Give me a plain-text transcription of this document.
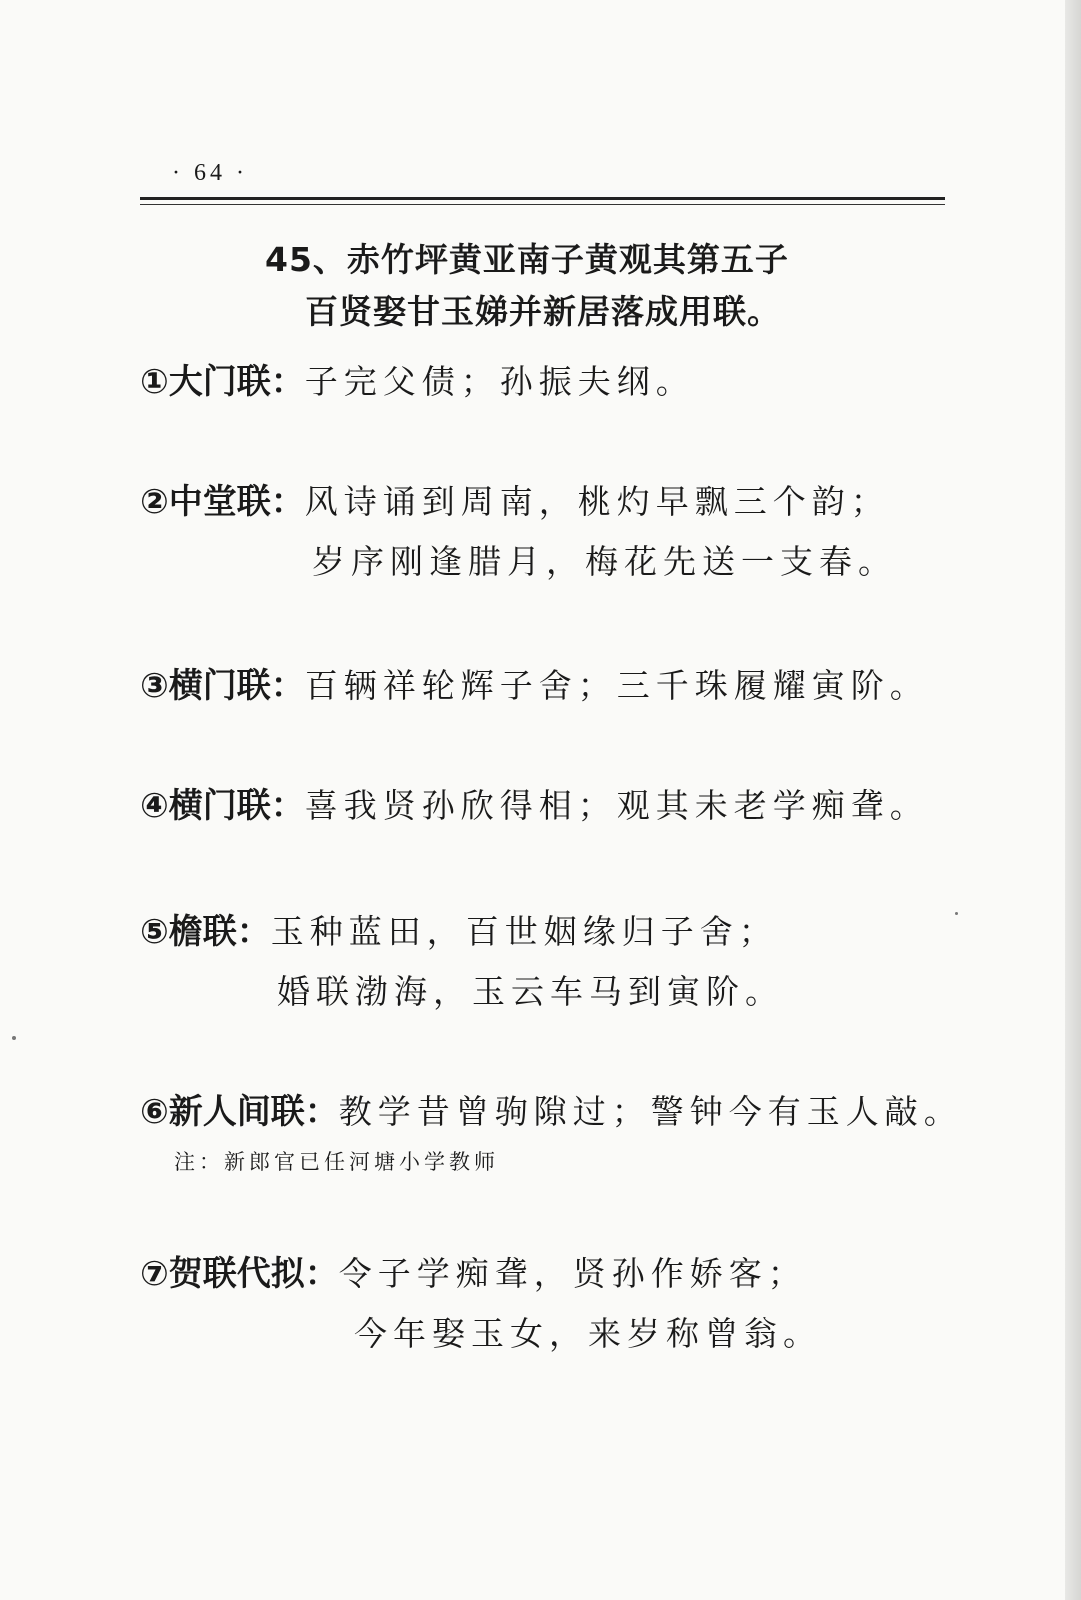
· 64 ·
45、赤竹坪黄亚南子黄观其第五子
百贤娶甘玉娣并新居落成用联。
①大门联：子完父债；孙振夫纲。
②中堂联：风诗诵到周南，桃灼早飘三个韵；
岁序刚逢腊月，梅花先送一支春。
③横门联：百辆祥轮辉子舍；三千珠履耀寅阶。
④横门联：喜我贤孙欣得相；观其未老学痴聋。
⑤檐联：玉种蓝田，百世姻缘归子舍；
婚联渤海，玉云车马到寅阶。
⑥新人间联：教学昔曾驹隙过；警钟今有玉人敲。
注：新郎官已任河塘小学教师
⑦贺联代拟：令子学痴聋，贤孙作娇客；
今年娶玉女，来岁称曾翁。
